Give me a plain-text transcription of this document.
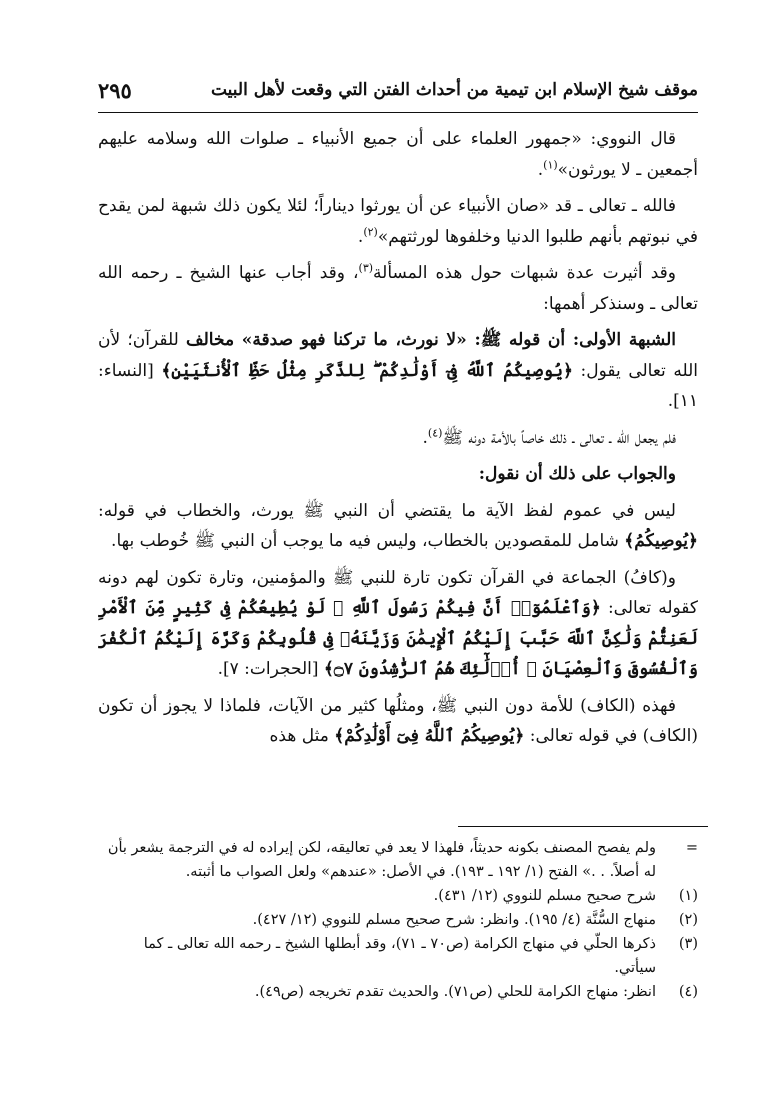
موقف شيخ الإسلام ابن تيمية من أحداث الفتن التي وقعت لأهل البيت
٢٩٥

قال النووي: «جمهور العلماء على أن جميع الأنبياء ـ صلوات الله وسلامه عليهم أجمعين ـ لا يورثون»$^{(١)}$.

فالله ـ تعالى ـ قد «صان الأنبياء عن أن يورثوا ديناراً؛ لئلا يكون ذلك شبهة لمن يقدح في نبوتهم بأنهم طلبوا الدنيا وخلفوها لورثتهم»$^{(٢)}$.

وقد أثيرت عدة شبهات حول هذه المسألة$^{(٣)}$، وقد أجاب عنها الشيخ ـ رحمه الله تعالى ـ وسنذكر أهمها:

الشبهة الأولى: أن قوله ﷺ: «لا نورث، ما تركنا فهو صدقة» مخالف للقرآن؛ لأن الله تعالى يقول: ﴿يُوصِيكُمُ ٱللَّهُ فِىٓ أَوْلَٰدِكُمْ ۖ لِلذَّكَرِ مِثْلُ حَظِّ ٱلْأُنثَيَيْنِ﴾ [النساء: ١١].

فلم يجعل الله ـ تعالى ـ ذلك خاصاً بالأمة دونه ﷺ$^{(٤)}$.

والجواب على ذلك أن نقول:

ليس في عموم لفظ الآية ما يقتضي أن النبي ﷺ يورث، والخطاب في قوله: ﴿يُوصِيكُمُ﴾ شامل للمقصودين بالخطاب، وليس فيه ما يوجب أن النبي ﷺ خُوطب بها.

و(كافُ) الجماعة في القرآن تكون تارة للنبي ﷺ والمؤمنين، وتارة تكون لهم دونه كقوله تعالى: ﴿وَٱعْلَمُوٓا۟ أَنَّ فِيكُمْ رَسُولَ ٱللَّهِ ۚ لَوْ يُطِيعُكُمْ فِى كَثِيرٍ مِّنَ ٱلْأَمْرِ لَعَنِتُّمْ وَلَٰكِنَّ ٱللَّهَ حَبَّبَ إِلَيْكُمُ ٱلْإِيمَٰنَ وَزَيَّنَهُۥ فِى قُلُوبِكُمْ وَكَرَّهَ إِلَيْكُمُ ٱلْكُفْرَ وَٱلْفُسُوقَ وَٱلْعِصْيَانَ ۚ أُو۟لَٰٓئِكَ هُمُ ٱلرَّٰشِدُونَ ۝٧﴾ [الحجرات: ٧].

فهذه (الكاف) للأمة دون النبي ﷺ، ومثلُها كثير من الآيات، فلماذا لا يجوز أن تكون (الكاف) في قوله تعالى: ﴿يُوصِيكُمُ ٱللَّهُ فِىٓ أَوْلَٰدِكُمْ﴾ مثل هذه

=
ولم يفصح المصنف بكونه حديثاً، فلهذا لا يعد في تعاليقه، لكن إيراده له في الترجمة يشعر بأن له أصلاً. . .» الفتح (١/ ١٩٢ ـ ١٩٣). في الأصل: «عندهم» ولعل الصواب ما أثبته.

(١)
شرح صحيح مسلم للنووي (١٢/ ٤٣١).

(٢)
منهاج السُّنَّة (٤/ ١٩٥). وانظر: شرح صحيح مسلم للنووي (١٢/ ٤٢٧).

(٣)
ذكرها الحلّي في منهاج الكرامة (ص٧٠ ـ ٧١)، وقد أبطلها الشيخ ـ رحمه الله تعالى ـ كما سيأتي.

(٤)
انظر: منهاج الكرامة للحلي (ص٧١). والحديث تقدم تخريجه (ص٤٩).
